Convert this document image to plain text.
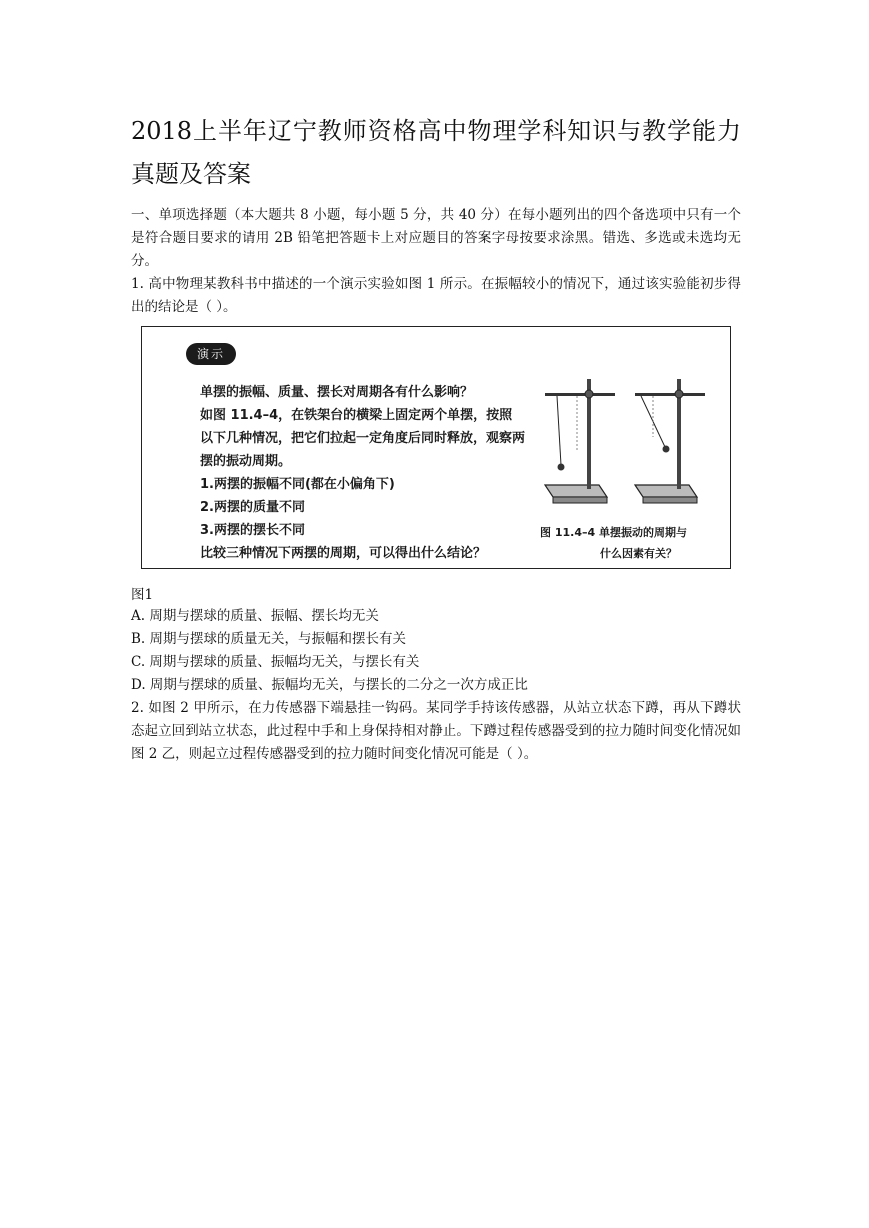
2018上半年辽宁教师资格高中物理学科知识与教学能力真题及答案

一、单项选择题（本大题共 8 小题，每小题 5 分，共 40 分）在每小题列出的四个备选项中只有一个是符合题目要求的请用 2B 铅笔把答题卡上对应题目的答案字母按要求涂黑。错选、多选或未选均无分。

1. 高中物理某教科书中描述的一个演示实验如图 1 所示。在振幅较小的情况下，通过该实验能初步得出的结论是（ ）。

演示
单摆的振幅、质量、摆长对周期各有什么影响？
如图 11.4–4，在铁架台的横梁上固定两个单摆，按照
以下几种情况，把它们拉起一定角度后同时释放，观察两
摆的振动周期。
1.两摆的振幅不同(都在小偏角下)
2.两摆的质量不同
3.两摆的摆长不同
比较三种情况下两摆的周期，可以得出什么结论？
图 11.4–4 单摆振动的周期与
什么因素有关？
图1

A. 周期与摆球的质量、振幅、摆长均无关

B. 周期与摆球的质量无关，与振幅和摆长有关

C. 周期与摆球的质量、振幅均无关，与摆长有关

D. 周期与摆球的质量、振幅均无关，与摆长的二分之一次方成正比

2. 如图 2 甲所示，在力传感器下端悬挂一钩码。某同学手持该传感器，从站立状态下蹲，再从下蹲状态起立回到站立状态，此过程中手和上身保持相对静止。下蹲过程传感器受到的拉力随时间变化情况如图 2 乙，则起立过程传感器受到的拉力随时间变化情况可能是（ ）。
